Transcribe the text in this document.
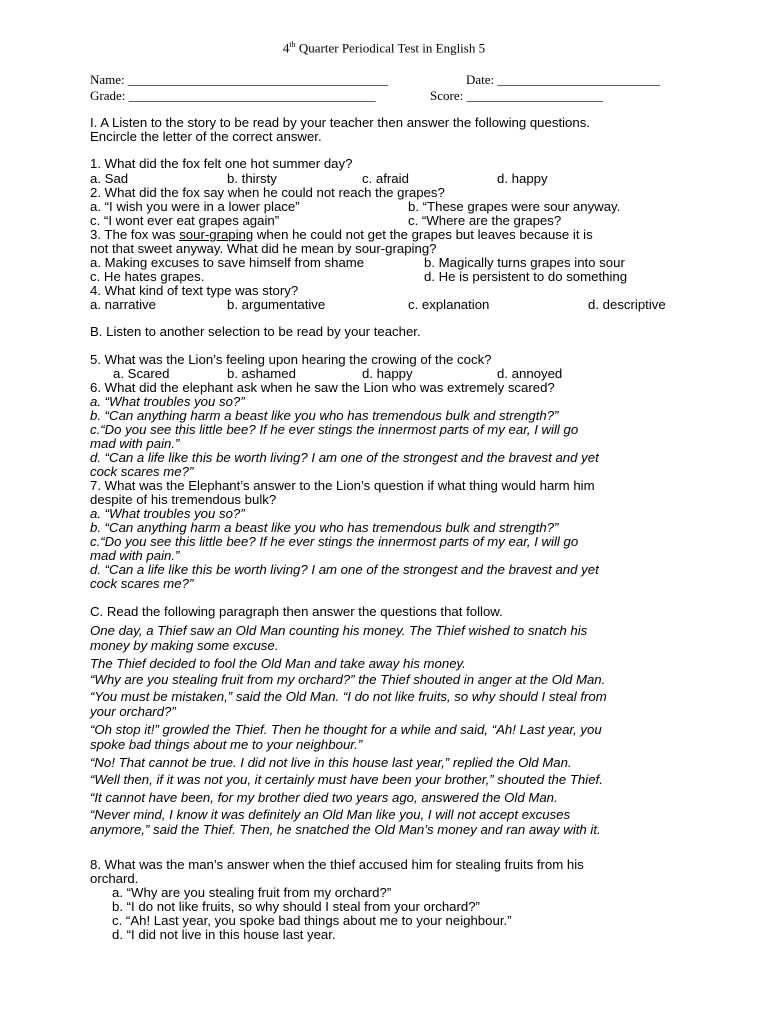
4th Quarter Periodical Test in English 5
Name: ________________________________________	Date: _________________________
Grade: ______________________________________	Score: _____________________
I. A Listen to the story to be read by your teacher then answer the following questions.
Encircle the letter of the correct answer.
1. What did the fox felt one hot summer day?
a. Sad	b. thirsty	c. afraid	d. happy
2. What did the fox say when he could not reach the grapes?
a. “I wish you were in a lower place”	b. “These grapes were sour anyway.
c. “I wont ever eat grapes again”	c. “Where are the grapes?
3. The fox was sour-graping when he could not get the grapes but leaves because it is
not that sweet anyway. What did he mean by sour-graping?
a. Making excuses to save himself from shame	b. Magically turns grapes into sour
c. He hates grapes.	d. He is persistent to do something
4. What kind of text type was story?
a. narrative	b. argumentative	c. explanation	d. descriptive
B. Listen to another selection to be read by your teacher.
5. What was the Lion’s feeling upon hearing the crowing of the cock?
a. Scared	b. ashamed	d. happy	d. annoyed
6. What did the elephant ask when he saw the Lion who was extremely scared?
a. “What troubles you so?”
b. “Can anything harm a beast like you who has tremendous bulk and strength?”
c.“Do you see this little bee? If he ever stings the innermost parts of my ear, I will go
mad with pain.”
d. “Can a life like this be worth living? I am one of the strongest and the bravest and yet
cock scares me?”
7. What was the Elephant’s answer to the Lion’s question if what thing would harm him
despite of his tremendous bulk?
a. “What troubles you so?”
b. “Can anything harm a beast like you who has tremendous bulk and strength?”
c.“Do you see this little bee? If he ever stings the innermost parts of my ear, I will go
mad with pain.”
d. “Can a life like this be worth living? I am one of the strongest and the bravest and yet
cock scares me?”
C. Read the following paragraph then answer the questions that follow.
One day, a Thief saw an Old Man counting his money. The Thief wished to snatch his
money by making some excuse.
The Thief decided to fool the Old Man and take away his money.
“Why are you stealing fruit from my orchard?” the Thief shouted in anger at the Old Man.
“You must be mistaken,” said the Old Man. “I do not like fruits, so why should I steal from
your orchard?”
“Oh stop it!” growled the Thief. Then he thought for a while and said, “Ah! Last year, you
spoke bad things about me to your neighbour.”
“No! That cannot be true. I did not live in this house last year,” replied the Old Man.
“Well then, if it was not you, it certainly must have been your brother,” shouted the Thief.
“It cannot have been, for my brother died two years ago, answered the Old Man.
“Never mind, I know it was definitely an Old Man like you, I will not accept excuses
anymore,” said the Thief. Then, he snatched the Old Man’s money and ran away with it.
8. What was the man’s answer when the thief accused him for stealing fruits from his
orchard.
a. “Why are you stealing fruit from my orchard?”
b. “I do not like fruits, so why should I steal from your orchard?”
c. “Ah! Last year, you spoke bad things about me to your neighbour.”
d. “I did not live in this house last year.
